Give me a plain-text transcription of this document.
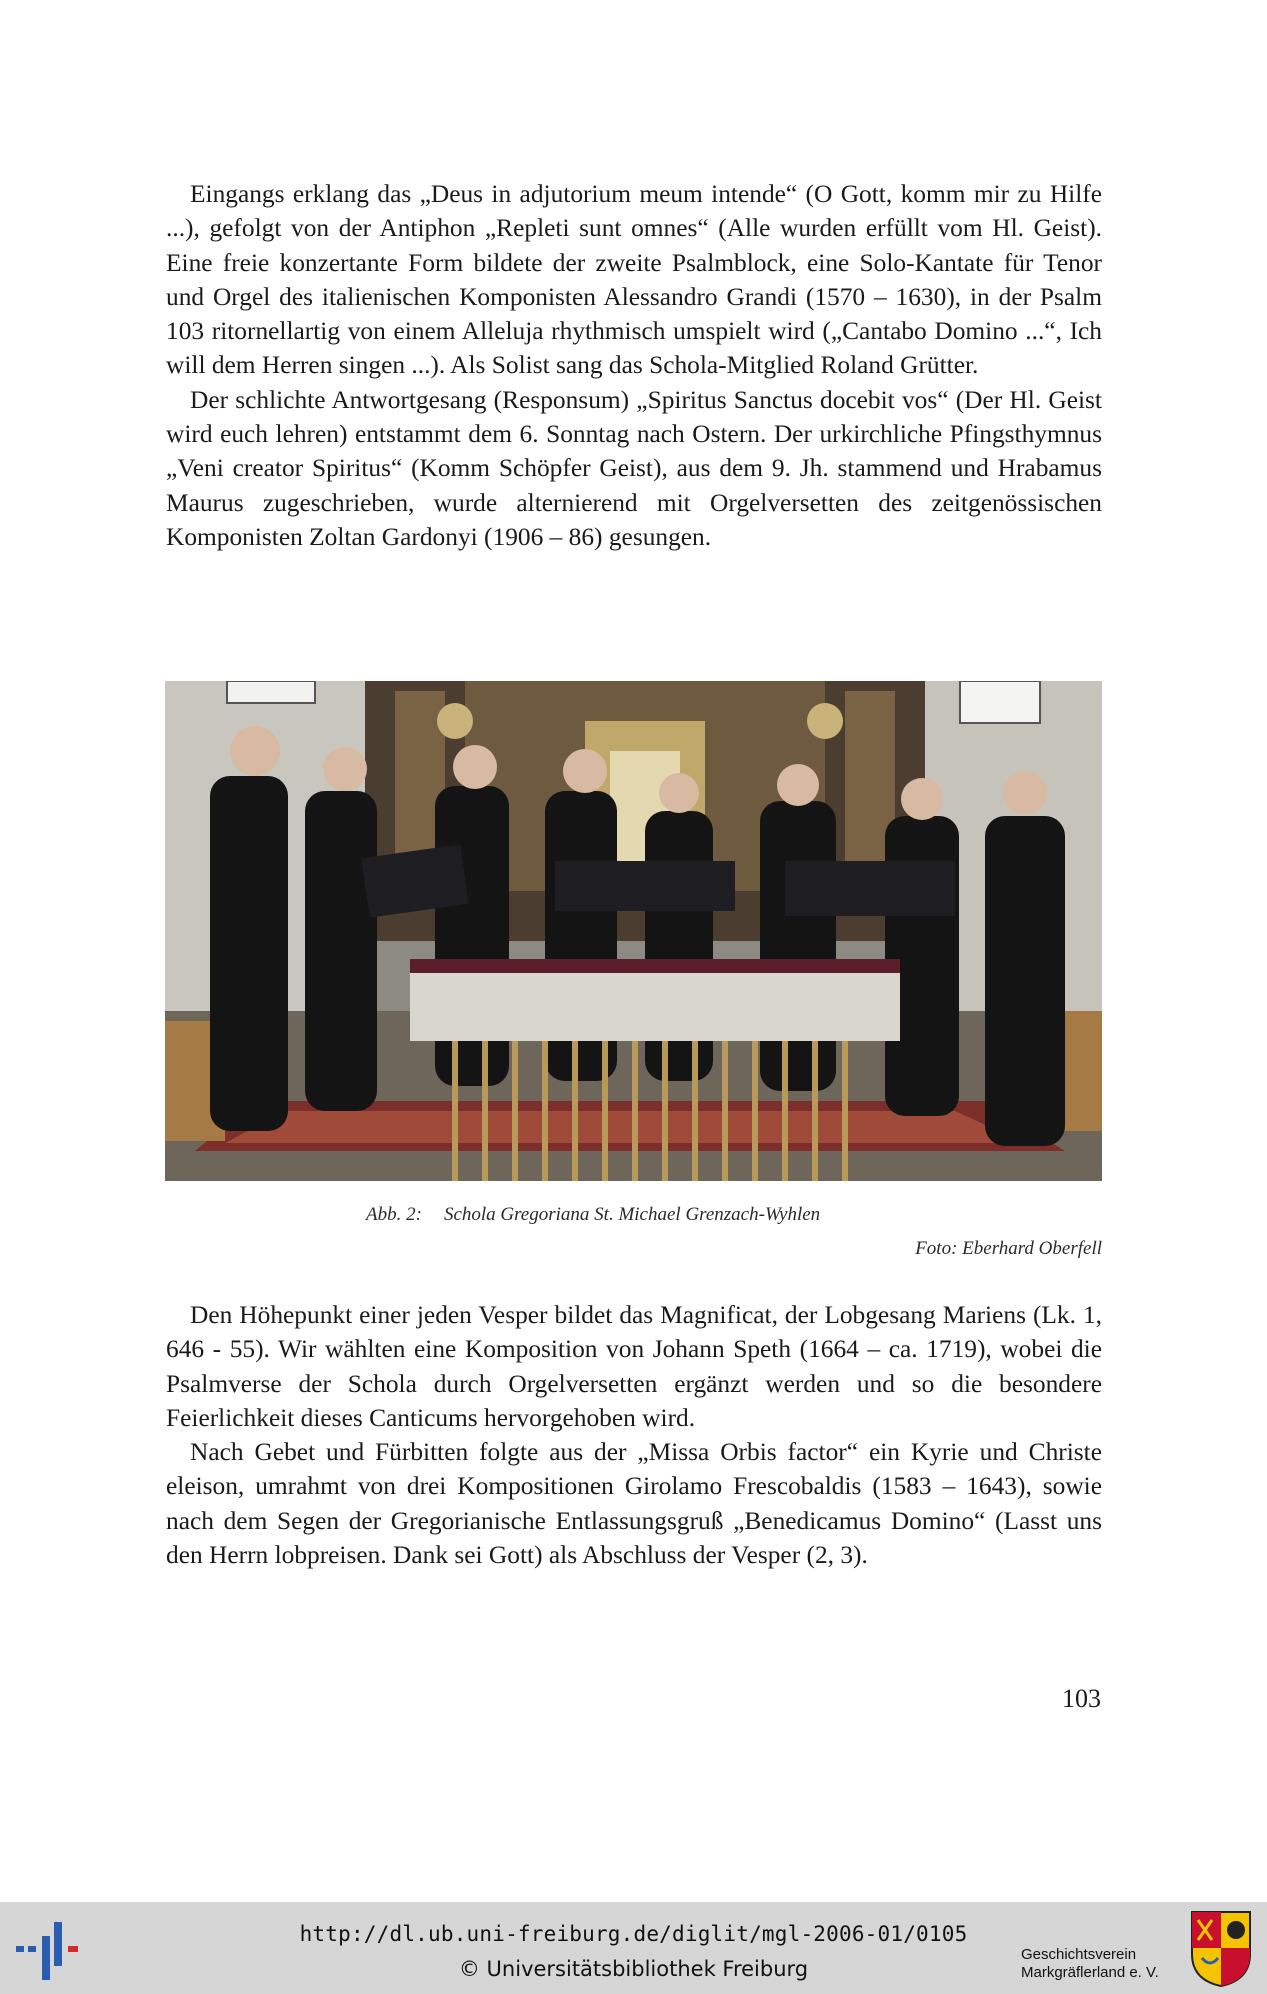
Eingangs erklang das „Deus in adjutorium meum intende“ (O Gott, komm mir zu Hilfe ...), gefolgt von der Antiphon „Repleti sunt omnes“ (Alle wurden erfüllt vom Hl. Geist). Eine freie konzertante Form bildete der zweite Psalmblock, eine Solo-Kantate für Tenor und Orgel des italienischen Komponisten Alessandro Grandi (1570 – 1630), in der Psalm 103 ritornellartig von einem Alleluja rhythmisch umspielt wird („Cantabo Domino ...“, Ich will dem Herren singen ...). Als Solist sang das Schola-Mitglied Roland Grütter.

Der schlichte Antwortgesang (Responsum) „Spiritus Sanctus docebit vos“ (Der Hl. Geist wird euch lehren) entstammt dem 6. Sonntag nach Ostern. Der urkirchliche Pfingsthymnus „Veni creator Spiritus“ (Komm Schöpfer Geist), aus dem 9. Jh. stammend und Hrabamus Maurus zugeschrieben, wurde alternierend mit Orgelversetten des zeitgenössischen Komponisten Zoltan Gardonyi (1906 – 86) gesungen.

Abb. 2: Schola Gregoriana St. Michael Grenzach-Wyhlen
Foto: Eberhard Oberfell

Den Höhepunkt einer jeden Vesper bildet das Magnificat, der Lobgesang Mariens (Lk. 1, 646 - 55). Wir wählten eine Komposition von Johann Speth (1664 – ca. 1719), wobei die Psalmverse der Schola durch Orgelversetten ergänzt werden und so die besondere Feierlichkeit dieses Canticums hervorgehoben wird.

Nach Gebet und Fürbitten folgte aus der „Missa Orbis factor“ ein Kyrie und Christe eleison, umrahmt von drei Kompositionen Girolamo Frescobaldis (1583 – 1643), sowie nach dem Segen der Gregorianische Entlassungsgruß „Benedicamus Domino“ (Lasst uns den Herrn lobpreisen. Dank sei Gott) als Abschluss der Vesper (2, 3).

103
http://dl.ub.uni-freiburg.de/diglit/mgl-2006-01/0105
© Universitätsbibliothek Freiburg
Geschichtsverein
Markgräflerland e. V.
